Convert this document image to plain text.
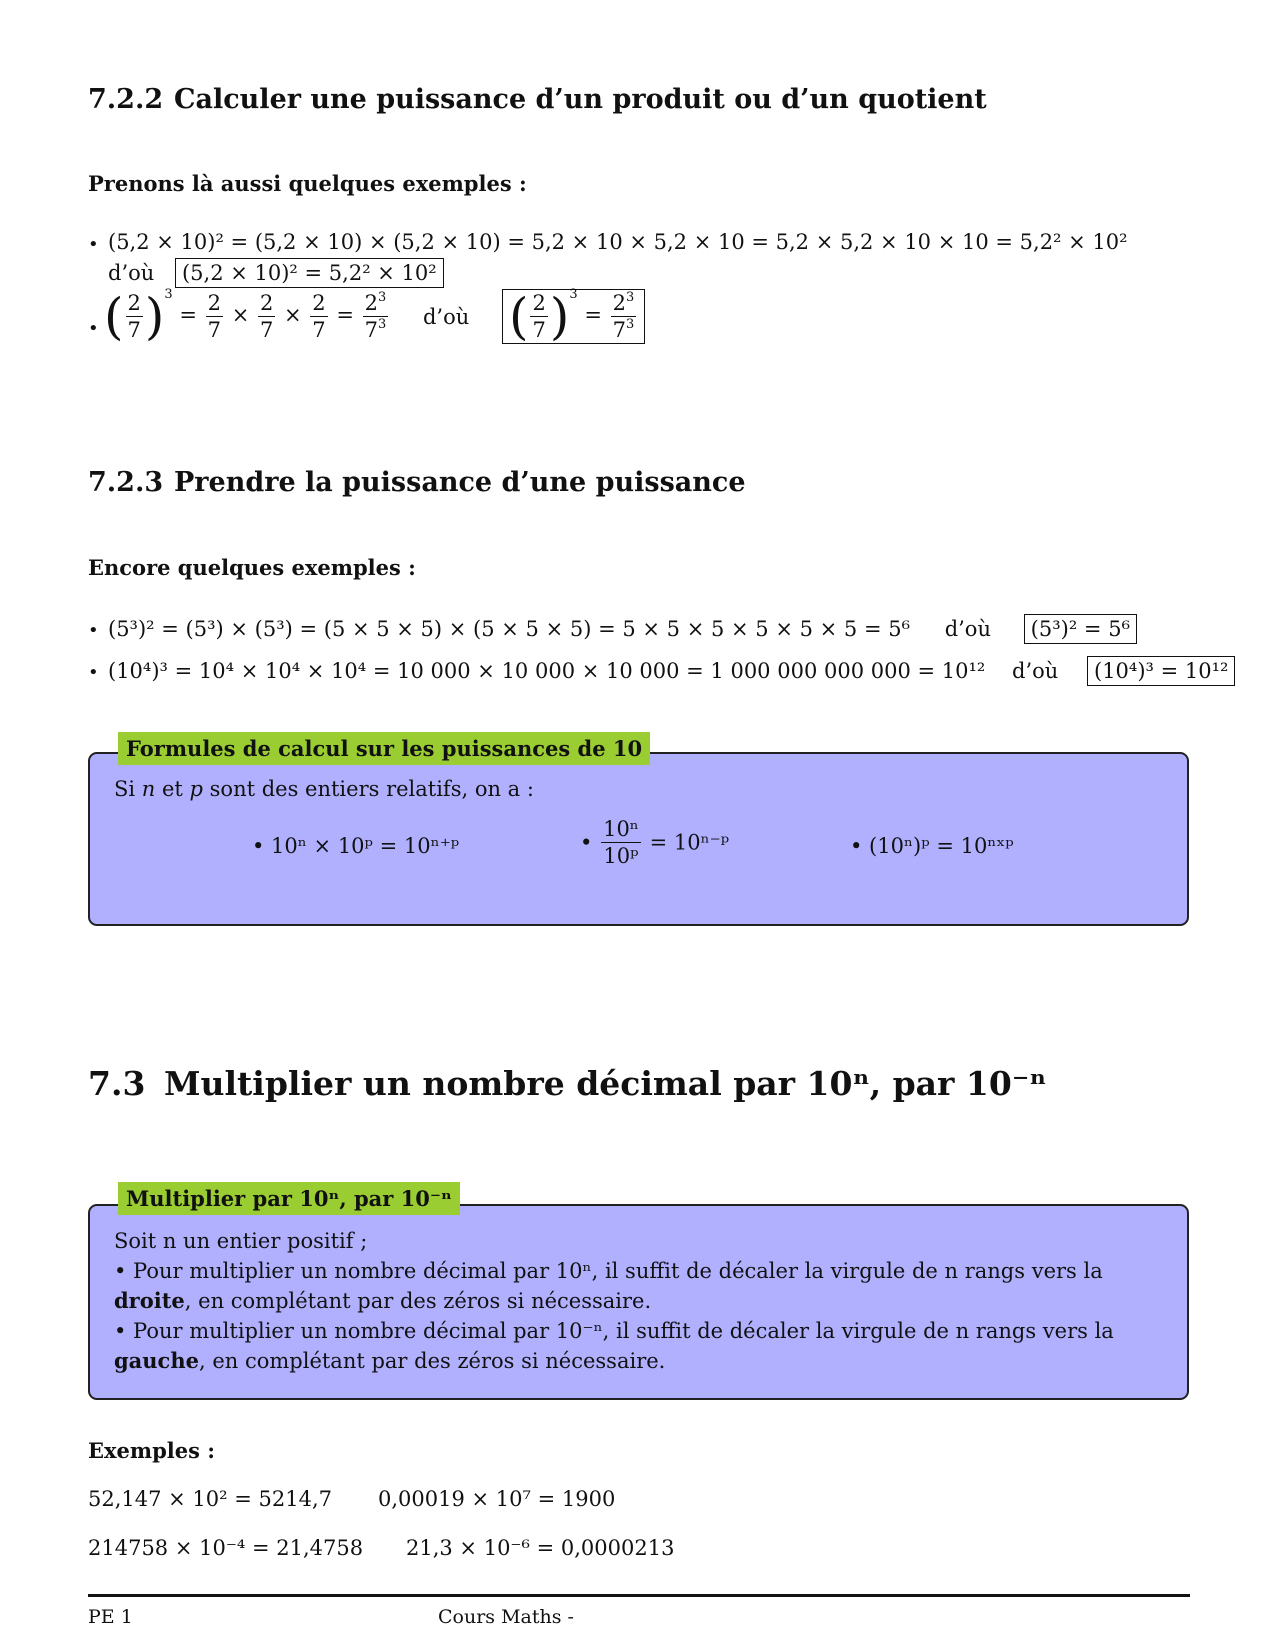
7.2.2 Calculer une puissance d’un produit ou d’un quotient
Prenons là aussi quelques exemples :
• (5,2 × 10)² = (5,2 × 10) × (5,2 × 10) = 5,2 × 10 × 5,2 × 10 = 5,2 × 5,2 × 10 × 10 = 5,2² × 10²
d’où (5,2 × 10)² = 5,2² × 10²
• ( $\frac{2}{7} )^3 = \frac{2}{7} \times \frac{2}{7} \times \frac{2}{7} = \frac{2^3}{7^3}$ d’où ( $\frac{2}{7} )^3 = \frac{2^3}{7^3}$
7.2.3 Prendre la puissance d’une puissance
Encore quelques exemples :
• (5³)² = (5³) × (5³) = (5 × 5 × 5) × (5 × 5 × 5) = 5 × 5 × 5 × 5 × 5 × 5 = 5⁶ d’où (5³)² = 5⁶
• (10⁴)³ = 10⁴ × 10⁴ × 10⁴ = 10 000 × 10 000 × 10 000 = 1 000 000 000 000 = 10¹² d’où (10⁴)³ = 10¹²
Si n et p sont des entiers relatifs, on a :
• 10ⁿ × 10ᵖ = 10ⁿ⁺ᵖ	• $\frac{\text{10ⁿ}}{\text{10ᵖ}}$ = 10ⁿ⁻ᵖ	• (10ⁿ)ᵖ = 10ⁿˣᵖ
Formules de calcul sur les puissances de 10
7.3 Multiplier un nombre décimal par 10ⁿ, par 10⁻ⁿ
Soit n un entier positif ;
• Pour multiplier un nombre décimal par 10ⁿ, il suffit de décaler la virgule de n rangs vers la droite, en complétant par des zéros si nécessaire.
• Pour multiplier un nombre décimal par 10⁻ⁿ, il suffit de décaler la virgule de n rangs vers la gauche, en complétant par des zéros si nécessaire.
Multiplier par 10ⁿ, par 10⁻ⁿ
Exemples :
52,147 × 10² = 5214,7 0,00019 × 10⁷ = 1900
214758 × 10⁻⁴ = 21,4758 21,3 × 10⁻⁶ = 0,0000213
PE 1	Cours Maths -
